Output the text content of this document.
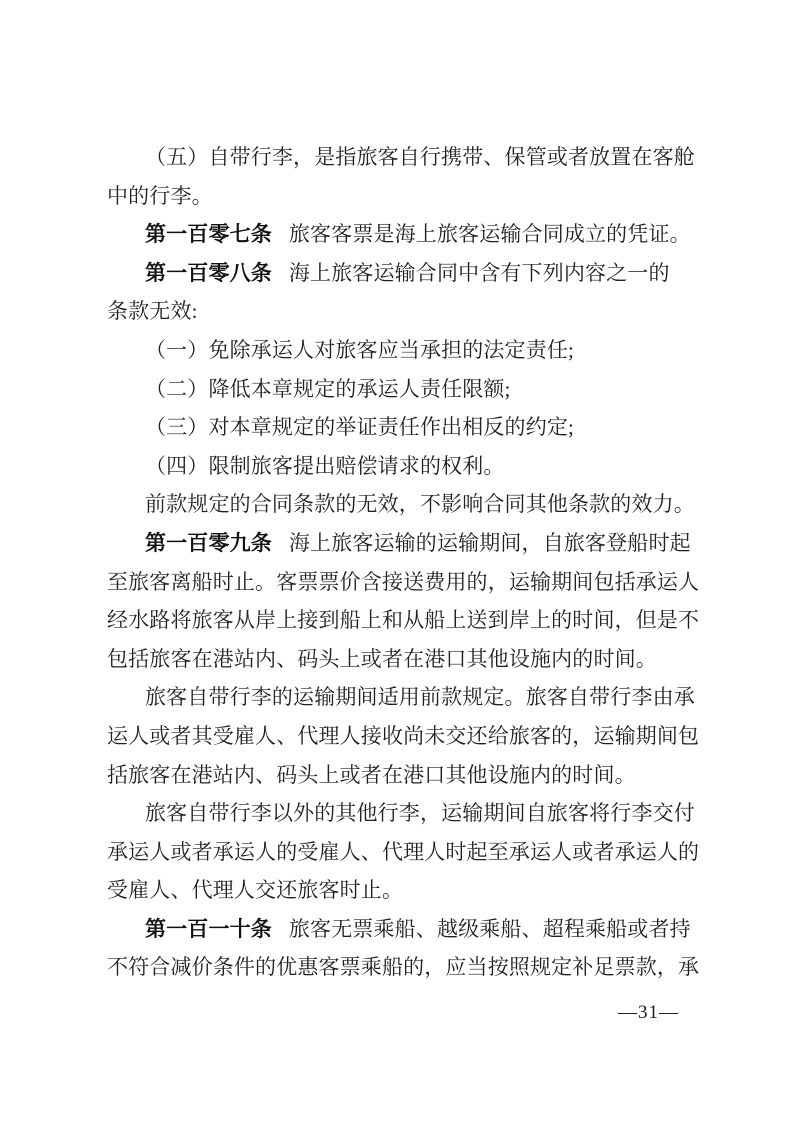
（五）自带行李，是指旅客自行携带、保管或者放置在客舱
中的行李。
第一百零七条 旅客客票是海上旅客运输合同成立的凭证。
第一百零八条 海上旅客运输合同中含有下列内容之一的
条款无效:
（一）免除承运人对旅客应当承担的法定责任;
（二）降低本章规定的承运人责任限额;
（三）对本章规定的举证责任作出相反的约定;
（四）限制旅客提出赔偿请求的权利。
前款规定的合同条款的无效，不影响合同其他条款的效力。
第一百零九条 海上旅客运输的运输期间，自旅客登船时起
至旅客离船时止。客票票价含接送费用的，运输期间包括承运人
经水路将旅客从岸上接到船上和从船上送到岸上的时间，但是不
包括旅客在港站内、码头上或者在港口其他设施内的时间。
旅客自带行李的运输期间适用前款规定。旅客自带行李由承
运人或者其受雇人、代理人接收尚未交还给旅客的，运输期间包
括旅客在港站内、码头上或者在港口其他设施内的时间。
旅客自带行李以外的其他行李，运输期间自旅客将行李交付
承运人或者承运人的受雇人、代理人时起至承运人或者承运人的
受雇人、代理人交还旅客时止。
第一百一十条 旅客无票乘船、越级乘船、超程乘船或者持
不符合减价条件的优惠客票乘船的，应当按照规定补足票款，承
—31—
